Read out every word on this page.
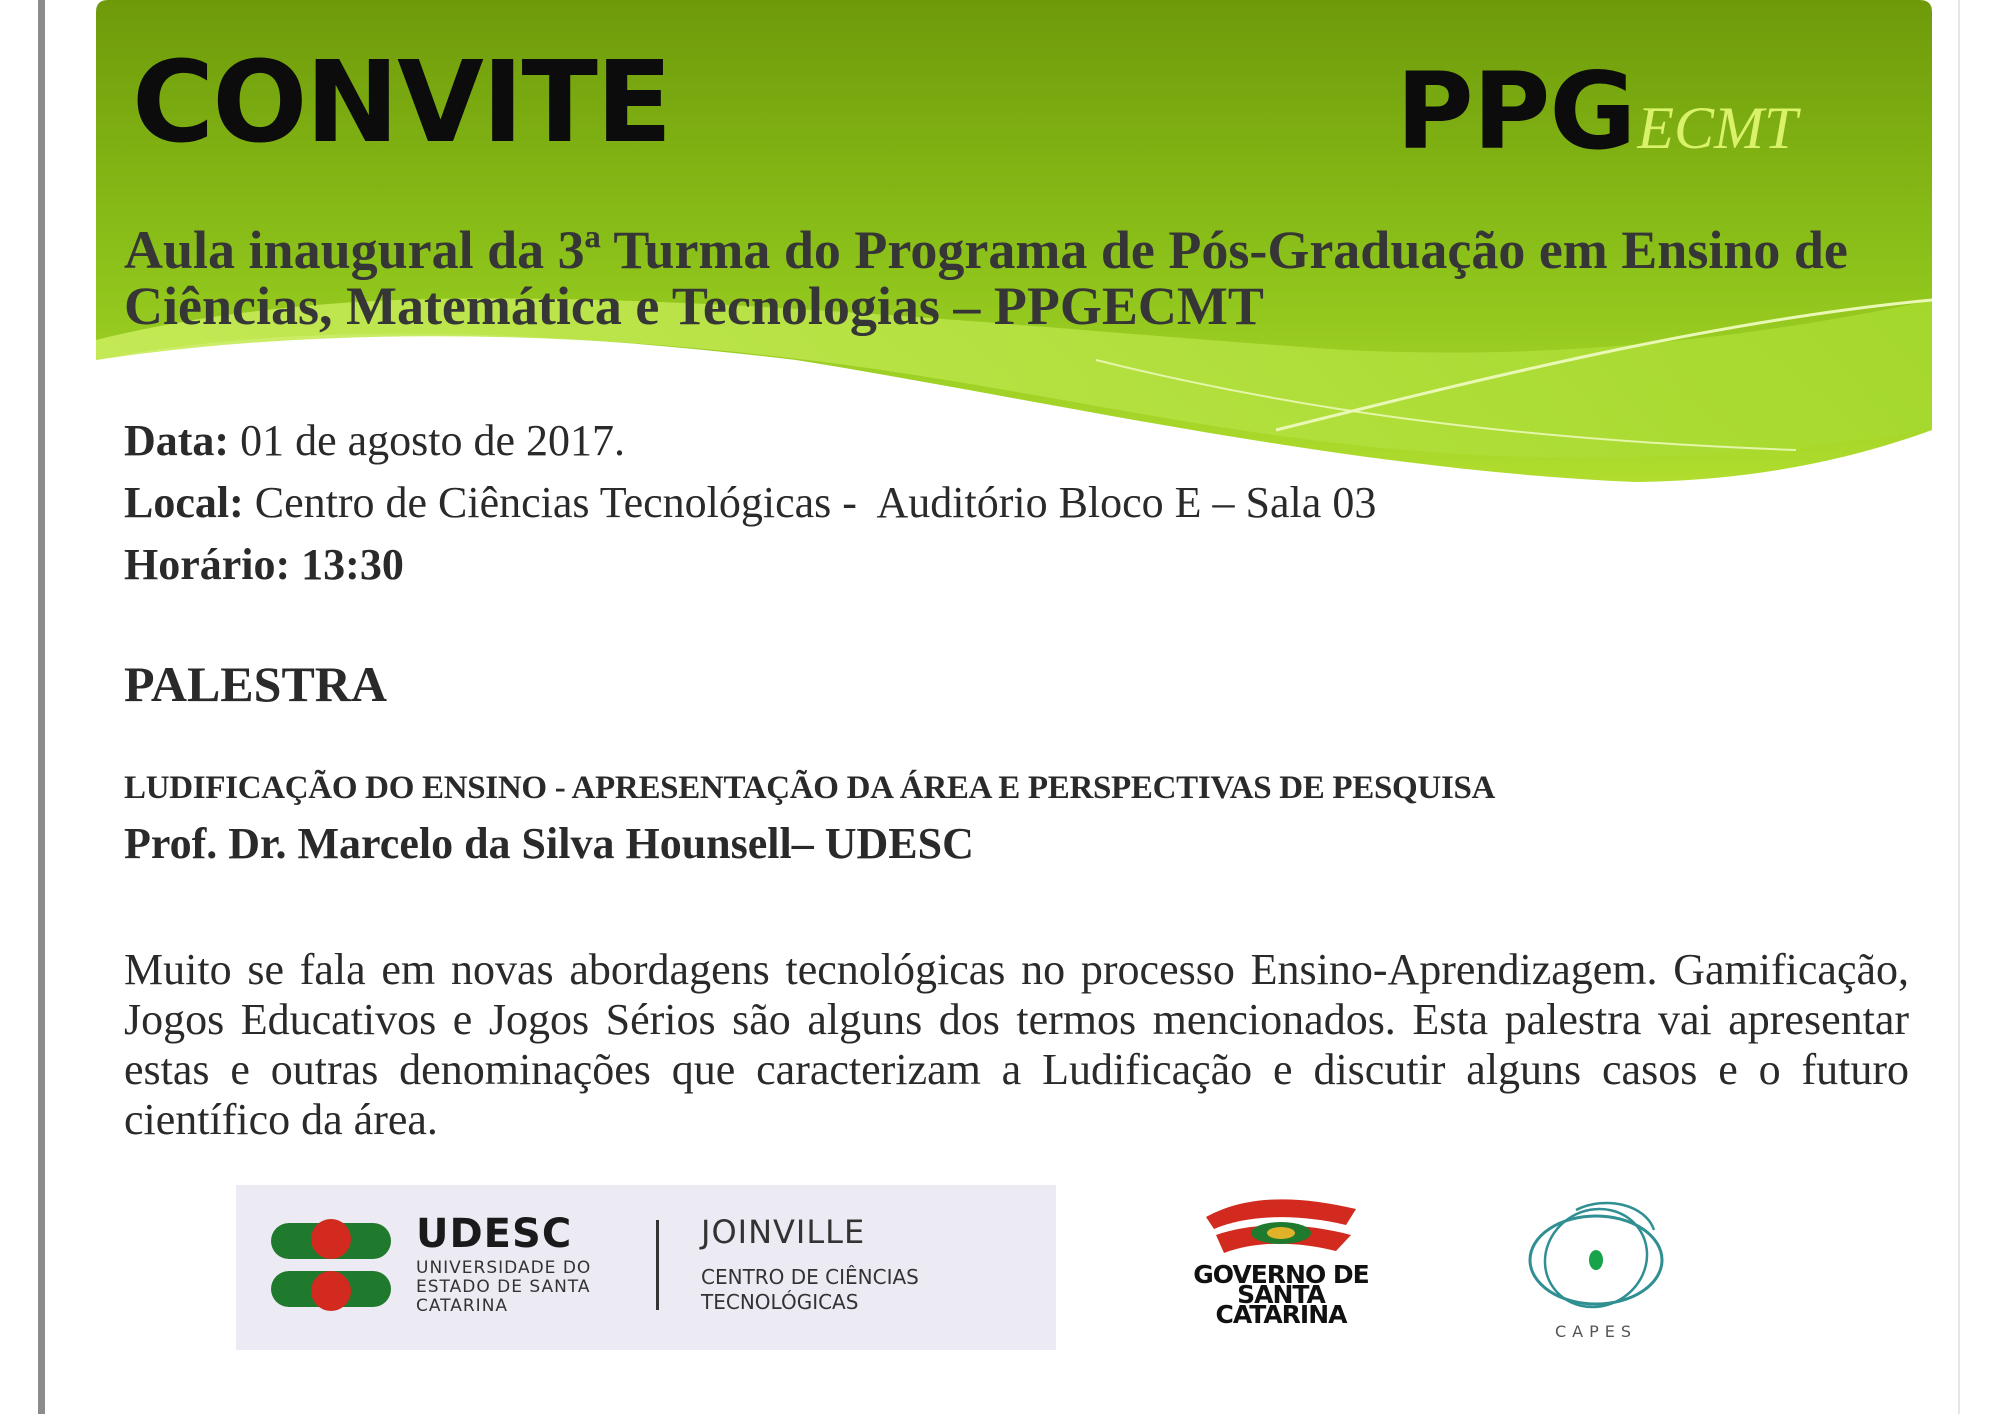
CONVITE	PPGECMT
Aula inaugural da 3ª Turma do Programa de Pós-Graduação em Ensino de Ciências, Matemática e Tecnologias – PPGECMT
Data: 01 de agosto de 2017.
Local: Centro de Ciências Tecnológicas -  Auditório Bloco E – Sala 03
Horário: 13:30
PALESTRA
LUDIFICAÇÃO DO ENSINO - APRESENTAÇÃO DA ÁREA E PERSPECTIVAS DE PESQUISA
Prof. Dr. Marcelo da Silva Hounsell– UDESC
Muito se fala em novas abordagens tecnológicas no processo Ensino-Aprendizagem. Gamificação, Jogos Educativos e Jogos Sérios são alguns dos termos mencionados. Esta palestra vai apresentar estas e outras denominações que caracterizam a Ludificação e discutir alguns casos e o futuro científico da área.
UDESC
UNIVERSIDADE DO ESTADO DE SANTA CATARINA
JOINVILLE
CENTRO DE CIÊNCIAS TECNOLÓGICAS
GOVERNO DE SANTA CATARINA
CAPES
